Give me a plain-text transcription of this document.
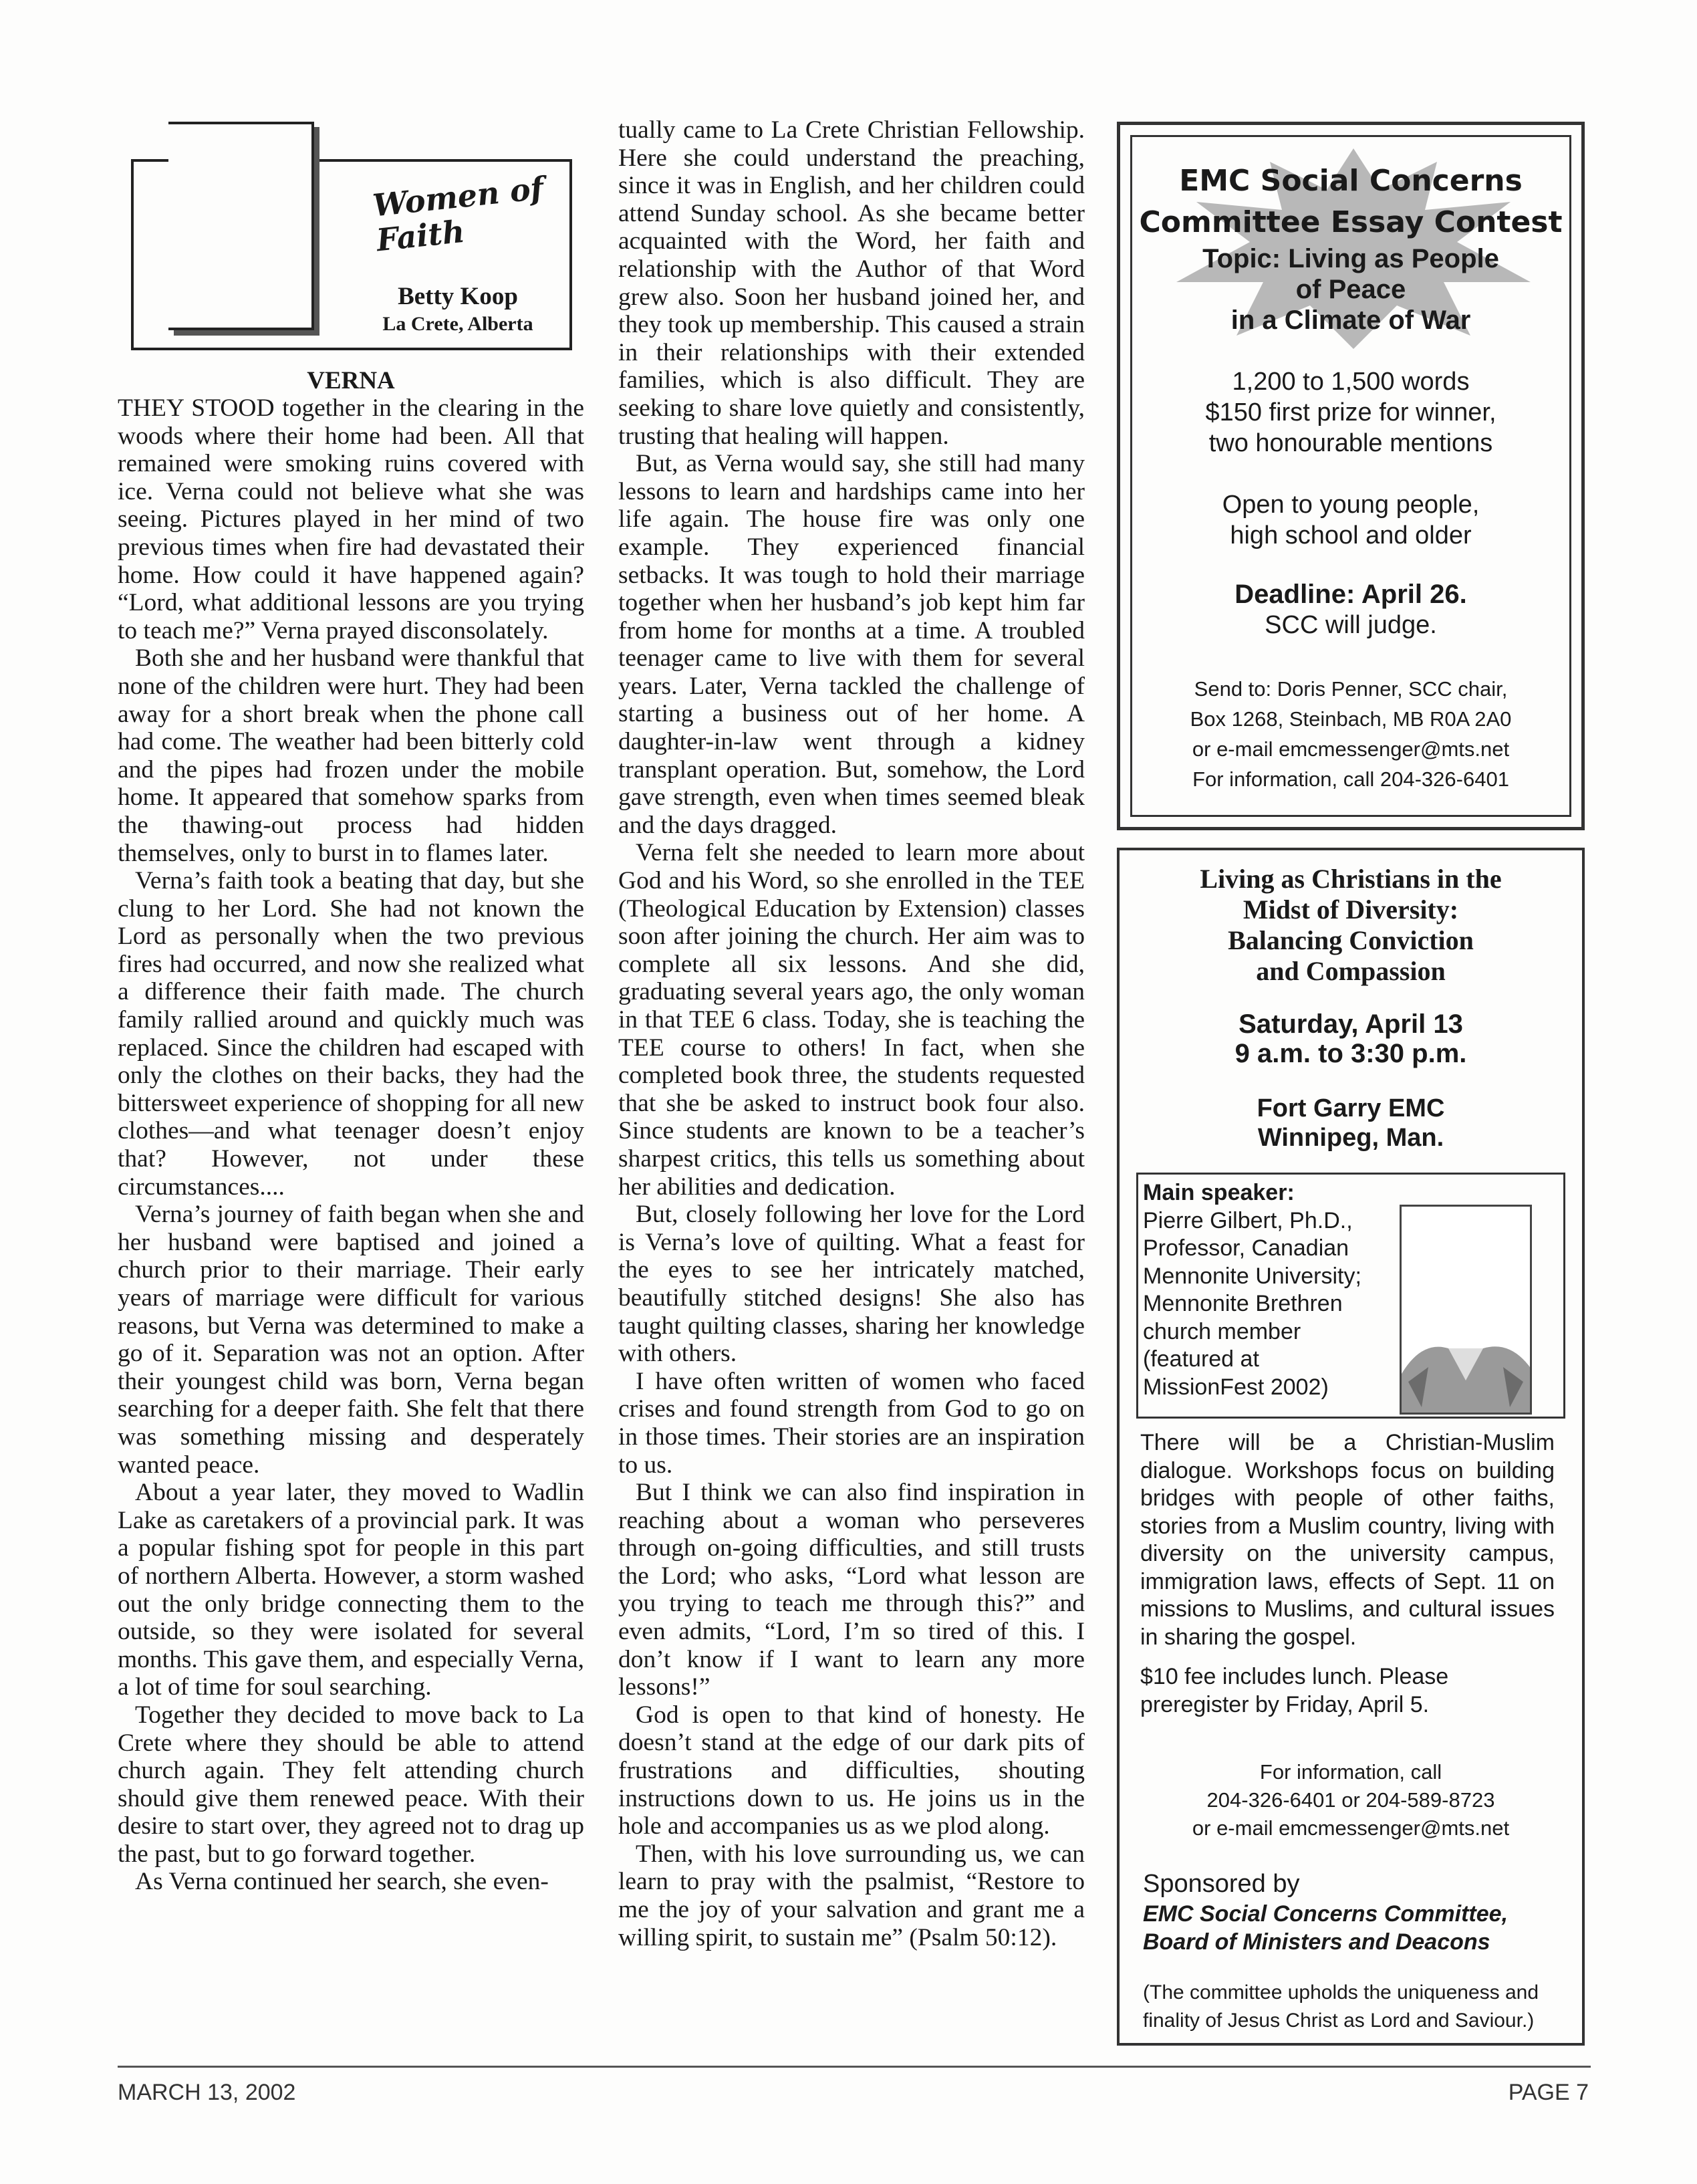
Women of Faith
Betty Koop
La Crete, Alberta
VERNA

THEY STOOD together in the clearing in the woods where their home had been. All that remained were smoking ruins covered with ice. Verna could not believe what she was seeing. Pictures played in her mind of two previous times when fire had devastated their home. How could it have happened again? “Lord, what additional lessons are you trying to teach me?” Verna prayed disconsolately.

Both she and her husband were thankful that none of the children were hurt. They had been away for a short break when the phone call had come. The weather had been bitterly cold and the pipes had frozen under the mobile home. It appeared that somehow sparks from the thawing-out process had hidden themselves, only to burst in to flames later.

Verna’s faith took a beating that day, but she clung to her Lord. She had not known the Lord as personally when the two previous fires had occurred, and now she realized what a difference their faith made. The church family rallied around and quickly much was replaced. Since the children had escaped with only the clothes on their backs, they had the bittersweet experience of shopping for all new clothes—and what teenager doesn’t enjoy that? However, not under these circumstances....

Verna’s journey of faith began when she and her husband were baptised and joined a church prior to their marriage. Their early years of marriage were difficult for various reasons, but Verna was determined to make a go of it. Separation was not an option. After their youngest child was born, Verna began searching for a deeper faith. She felt that there was something missing and desperately wanted peace.

About a year later, they moved to Wadlin Lake as caretakers of a provincial park. It was a popular fishing spot for people in this part of northern Alberta. However, a storm washed out the only bridge connecting them to the outside, so they were isolated for several months. This gave them, and especially Verna, a lot of time for soul searching.

Together they decided to move back to La Crete where they should be able to attend church again. They felt attending church should give them renewed peace. With their desire to start over, they agreed not to drag up the past, but to go forward together.

As Verna continued her search, she even-

tually came to La Crete Christian Fellowship. Here she could understand the preaching, since it was in English, and her children could attend Sunday school. As she became better acquainted with the Word, her faith and relationship with the Author of that Word grew also. Soon her husband joined her, and they took up membership. This caused a strain in their relationships with their extended families, which is also difficult. They are seeking to share love quietly and consistently, trusting that healing will happen.

But, as Verna would say, she still had many lessons to learn and hardships came into her life again. The house fire was only one example. They experienced financial setbacks. It was tough to hold their marriage together when her husband’s job kept him far from home for months at a time. A troubled teenager came to live with them for several years. Later, Verna tackled the challenge of starting a business out of her home. A daughter-in-law went through a kidney transplant operation. But, somehow, the Lord gave strength, even when times seemed bleak and the days dragged.

Verna felt she needed to learn more about God and his Word, so she enrolled in the TEE (Theological Education by Extension) classes soon after joining the church. Her aim was to complete all six lessons. And she did, graduating several years ago, the only woman in that TEE 6 class. Today, she is teaching the TEE course to others! In fact, when she completed book three, the students requested that she be asked to instruct book four also. Since students are known to be a teacher’s sharpest critics, this tells us something about her abilities and dedication.

But, closely following her love for the Lord is Verna’s love of quilting. What a feast for the eyes to see her intricately matched, beautifully stitched designs! She also has taught quilting classes, sharing her knowledge with others.

I have often written of women who faced crises and found strength from God to go on in those times. Their stories are an inspiration to us.

But I think we can also find inspiration in reaching about a woman who perseveres through on-going difficulties, and still trusts the Lord; who asks, “Lord what lesson are you trying to teach me through this?” and even admits, “Lord, I’m so tired of this. I don’t know if I want to learn any more lessons!”

God is open to that kind of honesty. He doesn’t stand at the edge of our dark pits of frustrations and difficulties, shouting instructions down to us. He joins us in the hole and accompanies us as we plod along.

Then, with his love surrounding us, we can learn to pray with the psalmist, “Restore to me the joy of your salvation and grant me a willing spirit, to sustain me” (Psalm 50:12).

EMC Social Concerns
Committee Essay Contest
Topic: Living as People
of Peace
in a Climate of War
1,200 to 1,500 words
$150 first prize for winner,
two honourable mentions
Open to young people,
high school and older
Deadline: April 26.
SCC will judge.
Send to: Doris Penner, SCC chair,
Box 1268, Steinbach, MB R0A 2A0
or e-mail emcmessenger@mts.net
For information, call 204-326-6401
Living as Christians in the
Midst of Diversity:
Balancing Conviction
and Compassion
Saturday, April 13
9 a.m. to 3:30 p.m.
Fort Garry EMC
Winnipeg, Man.
Main speaker:
Pierre Gilbert, Ph.D.,
Professor, Canadian
Mennonite University;
Mennonite Brethren
church member
(featured at
MissionFest 2002)
There will be a Christian-Muslim dialogue. Workshops focus on building bridges with people of other faiths, stories from a Muslim country, living with diversity on the university campus, immigration laws, effects of Sept. 11 on missions to Muslims, and cultural issues in sharing the gospel.
$10 fee includes lunch. Please preregister by Friday, April 5.
For information, call
204-326-6401 or 204-589-8723
or e-mail emcmessenger@mts.net
Sponsored by
EMC Social Concerns Committee,
Board of Ministers and Deacons
(The committee upholds the uniqueness and finality of Jesus Christ as Lord and Saviour.)
MARCH 13, 2002	PAGE 7
